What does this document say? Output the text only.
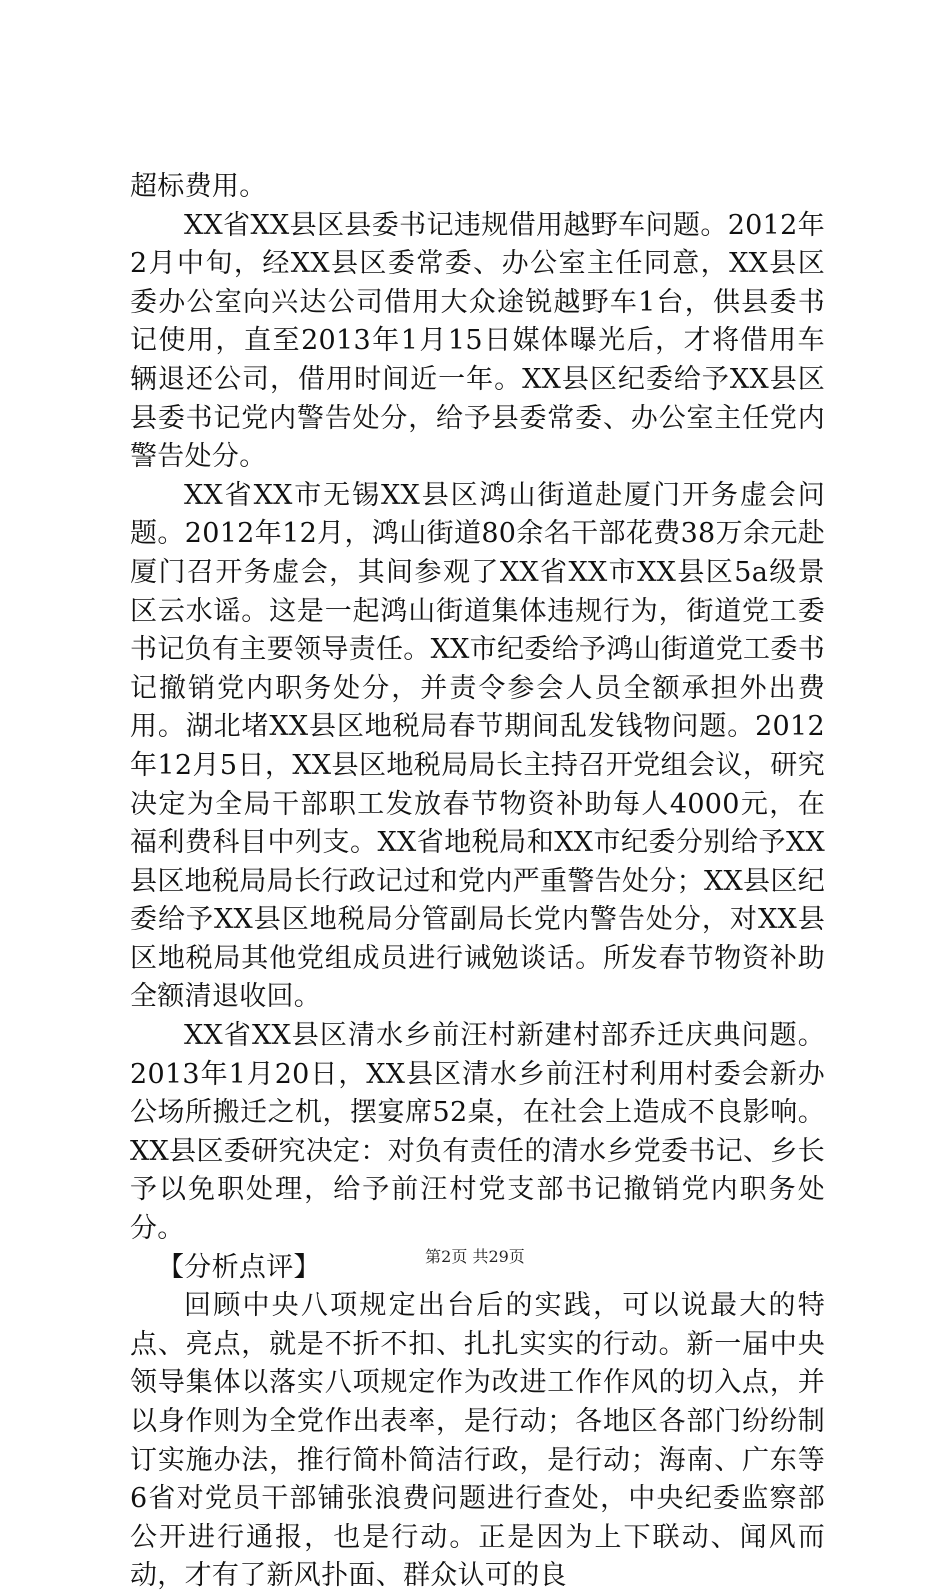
超标费用。

XX省XX县区县委书记违规借用越野车问题。2012年2月中旬，经XX县区委常委、办公室主任同意，XX县区委办公室向兴达公司借用大众途锐越野车1台，供县委书记使用，直至2013年1月15日媒体曝光后，才将借用车辆退还公司，借用时间近一年。XX县区纪委给予XX县区县委书记党内警告处分，给予县委常委、办公室主任党内警告处分。

XX省XX市无锡XX县区鸿山街道赴厦门开务虚会问题。2012年12月，鸿山街道80余名干部花费38万余元赴厦门召开务虚会，其间参观了XX省XX市XX县区5a级景区云水谣。这是一起鸿山街道集体违规行为，街道党工委书记负有主要领导责任。XX市纪委给予鸿山街道党工委书记撤销党内职务处分，并责令参会人员全额承担外出费用。湖北堵XX县区地税局春节期间乱发钱物问题。2012年12月5日，XX县区地税局局长主持召开党组会议，研究决定为全局干部职工发放春节物资补助每人4000元，在福利费科目中列支。XX省地税局和XX市纪委分别给予XX县区地税局局长行政记过和党内严重警告处分；XX县区纪委给予XX县区地税局分管副局长党内警告处分，对XX县区地税局其他党组成员进行诫勉谈话。所发春节物资补助全额清退收回。

XX省XX县区清水乡前汪村新建村部乔迁庆典问题。2013年1月20日，XX县区清水乡前汪村利用村委会新办公场所搬迁之机，摆宴席52桌，在社会上造成不良影响。XX县区委研究决定：对负有责任的清水乡党委书记、乡长予以免职处理，给予前汪村党支部书记撤销党内职务处分。

【分析点评】

回顾中央八项规定出台后的实践，可以说最大的特点、亮点，就是不折不扣、扎扎实实的行动。新一届中央领导集体以落实八项规定作为改进工作作风的切入点，并以身作则为全党作出表率，是行动；各地区各部门纷纷制订实施办法，推行简朴简洁行政，是行动；海南、广东等6省对党员干部铺张浪费问题进行查处，中央纪委监察部公开进行通报，也是行动。正是因为上下联动、闻风而动，才有了新风扑面、群众认可的良

第2页 共29页
